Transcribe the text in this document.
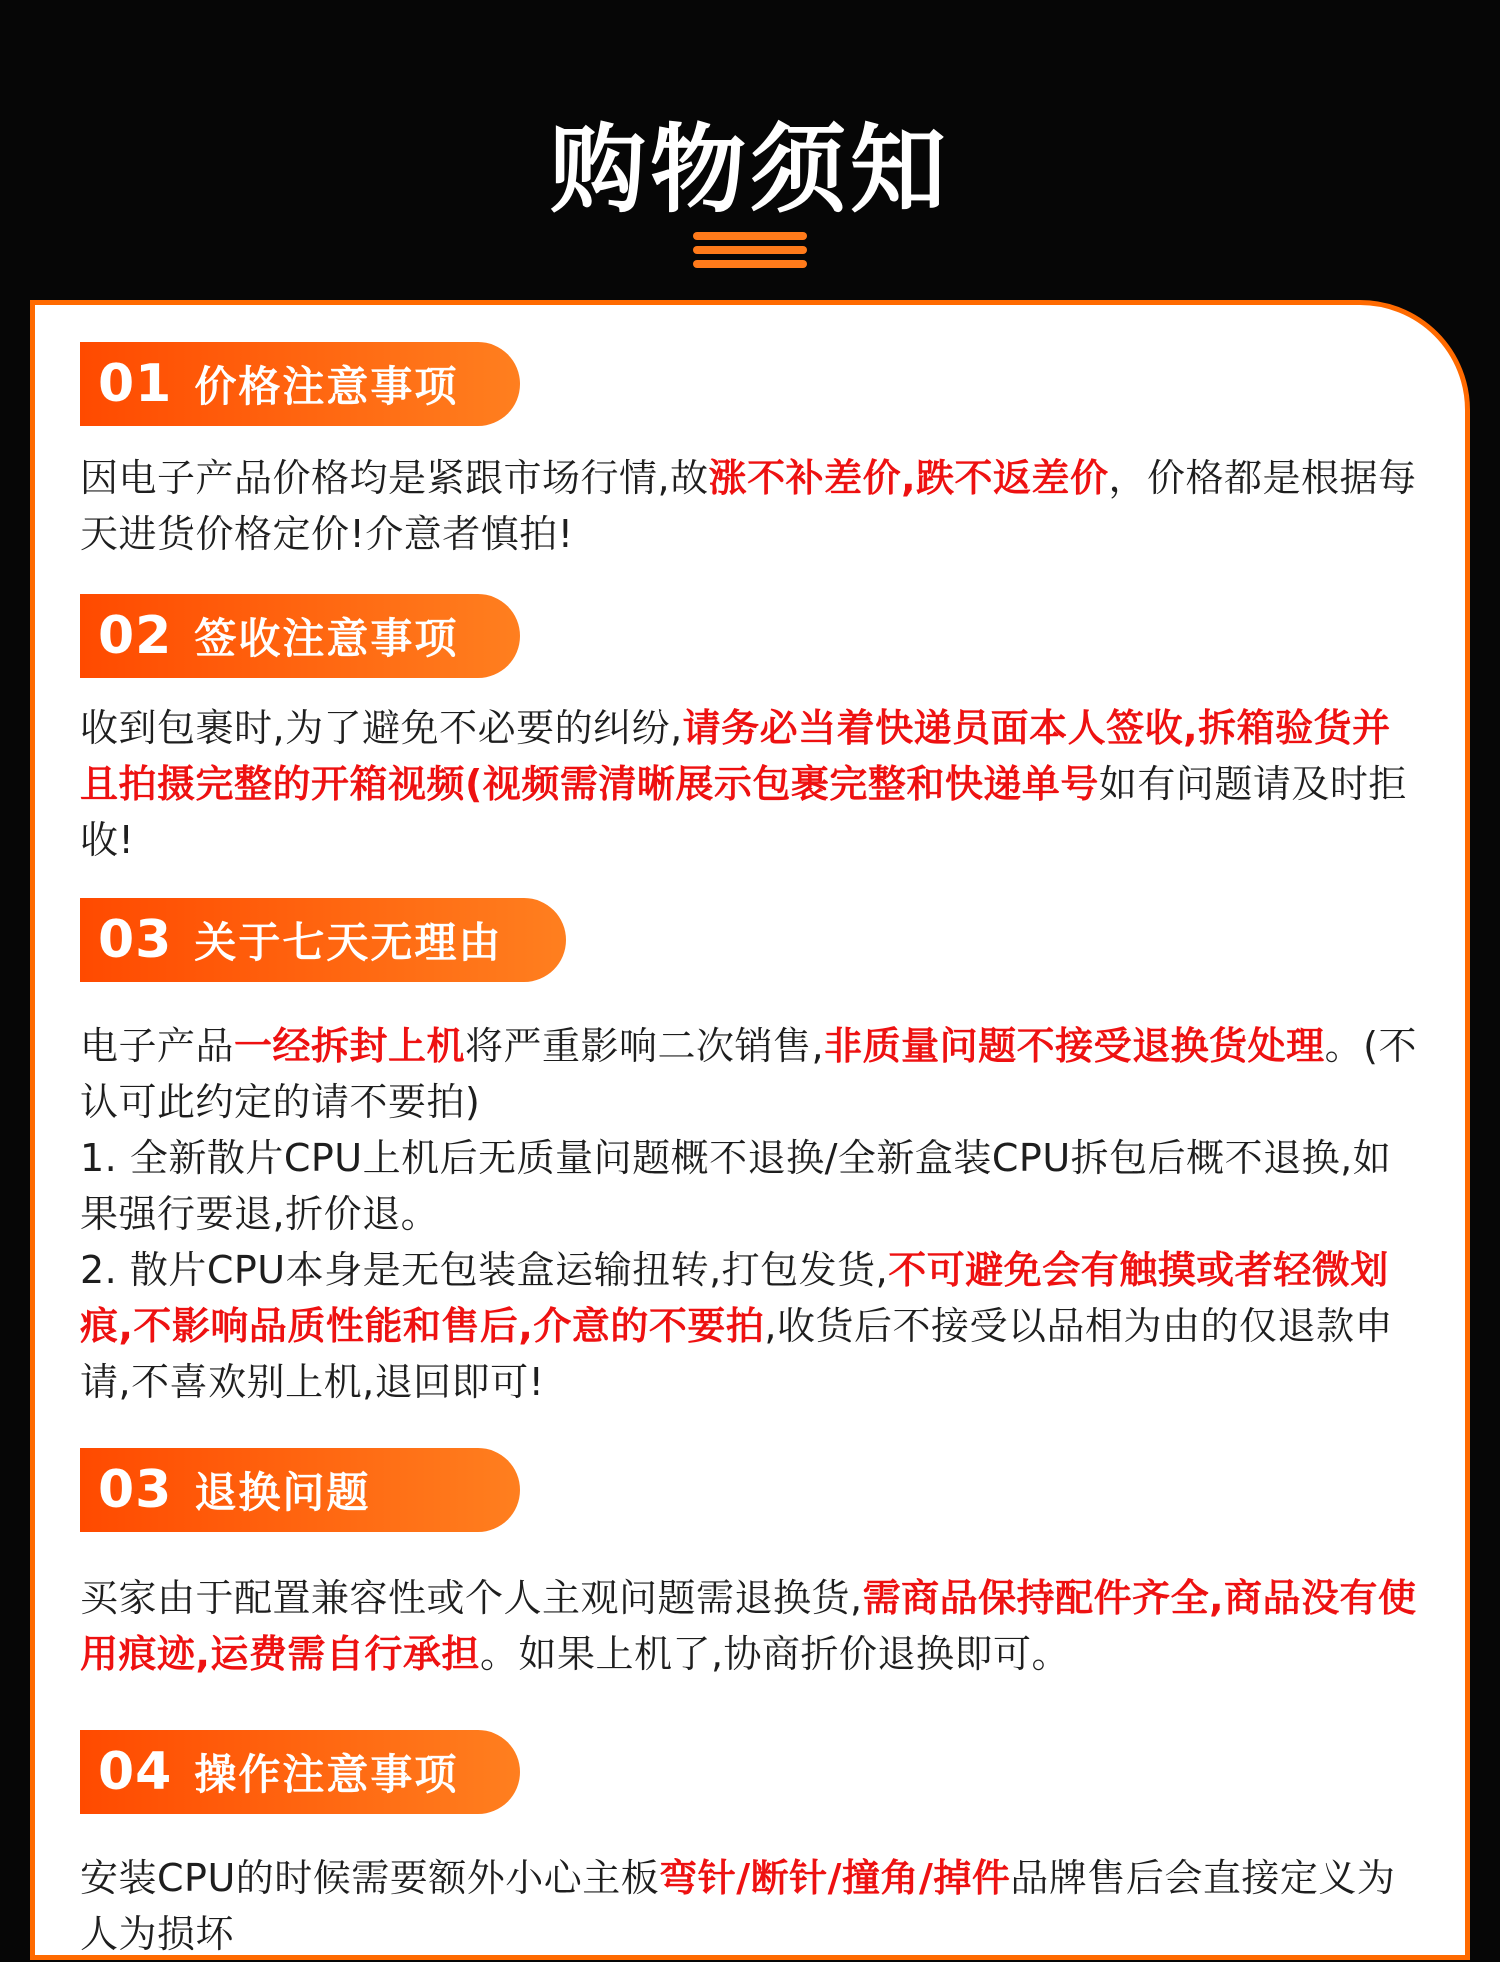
购物须知
01 价格注意事项

因电子产品价格均是紧跟市场行情,故涨不补差价,跌不返差价，价格都是根据每天进货价格定价!介意者慎拍!

02 签收注意事项

收到包裹时,为了避免不必要的纠纷,请务必当着快递员面本人签收,拆箱验货并且拍摄完整的开箱视频(视频需清晰展示包裹完整和快递单号如有问题请及时拒收!

03 关于七天无理由
电子产品一经拆封上机将严重影响二次销售,非质量问题不接受退换货处理。(不认可此约定的请不要拍)
1. 全新散片CPU上机后无质量问题概不退换/全新盒装CPU拆包后概不退换,如果强行要退,折价退。
2. 散片CPU本身是无包装盒运输扭转,打包发货,不可避免会有触摸或者轻微划痕,不影响品质性能和售后,介意的不要拍,收货后不接受以品相为由的仅退款申请,不喜欢别上机,退回即可!
03 退换问题

买家由于配置兼容性或个人主观问题需退换货,需商品保持配件齐全,商品没有使用痕迹,运费需自行承担。如果上机了,协商折价退换即可。

04 操作注意事项

安装CPU的时候需要额外小心主板弯针/断针/撞角/掉件品牌售后会直接定义为人为损坏
